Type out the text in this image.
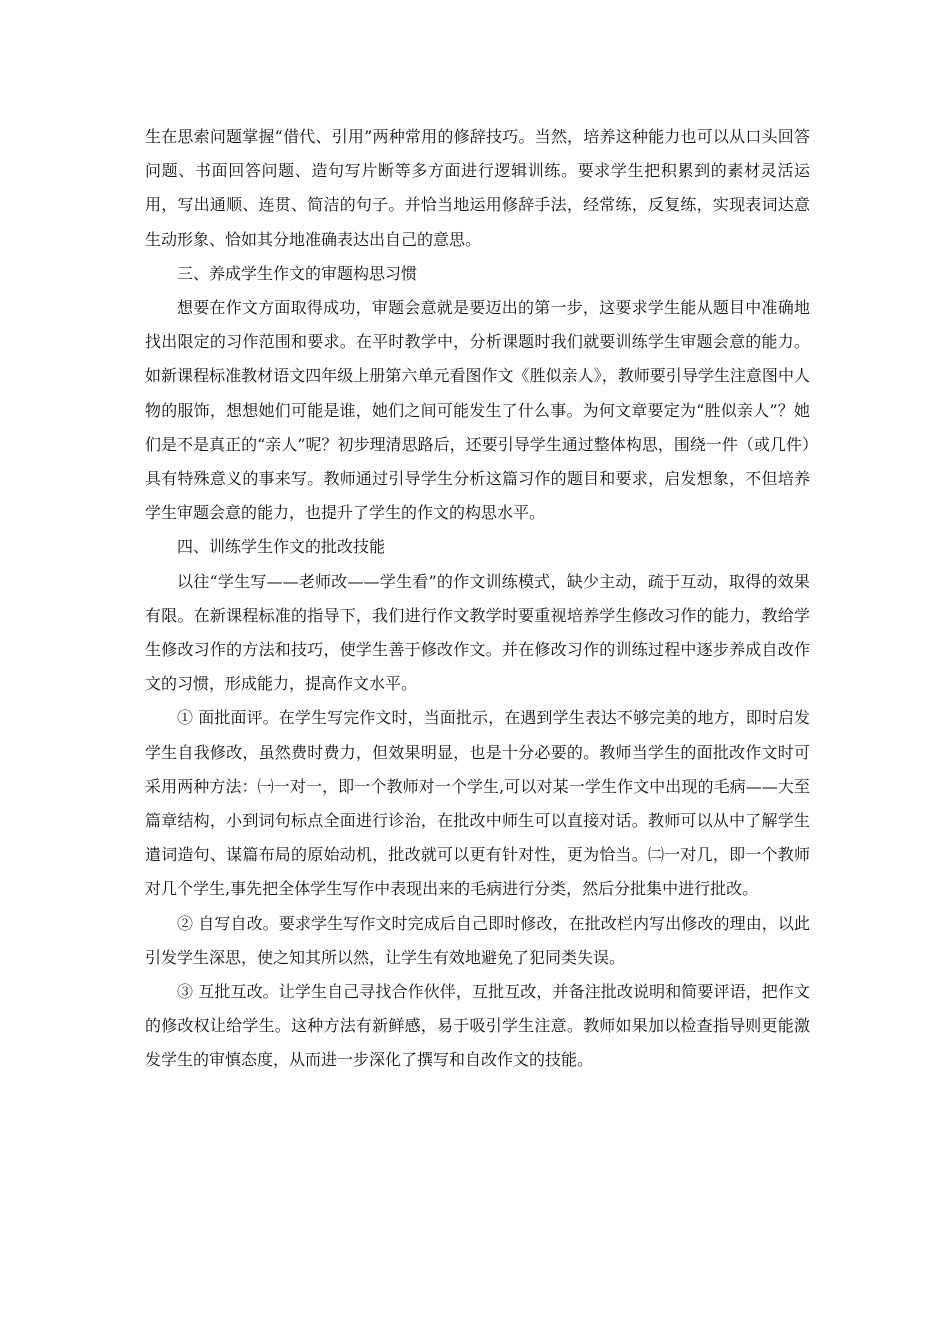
生在思索问题掌握“借代、引用”两种常用的修辞技巧。当然，培养这种能力也可以从口头回答问题、书面回答问题、造句写片断等多方面进行逻辑训练。要求学生把积累到的素材灵活运用，写出通顺、连贯、简洁的句子。并恰当地运用修辞手法，经常练，反复练，实现表词达意生动形象、恰如其分地准确表达出自己的意思。

三、养成学生作文的审题构思习惯

想要在作文方面取得成功，审题会意就是要迈出的第一步，这要求学生能从题目中准确地找出限定的习作范围和要求。在平时教学中，分析课题时我们就要训练学生审题会意的能力。如新课程标准教材语文四年级上册第六单元看图作文《胜似亲人》，教师要引导学生注意图中人物的服饰，想想她们可能是谁，她们之间可能发生了什么事。为何文章要定为“胜似亲人”？她们是不是真正的“亲人”呢？初步理清思路后，还要引导学生通过整体构思，围绕一件（或几件）具有特殊意义的事来写。教师通过引导学生分析这篇习作的题目和要求，启发想象，不但培养学生审题会意的能力，也提升了学生的作文的构思水平。

四、训练学生作文的批改技能

以往“学生写——老师改——学生看”的作文训练模式，缺少主动，疏于互动，取得的效果有限。在新课程标准的指导下，我们进行作文教学时要重视培养学生修改习作的能力，教给学生修改习作的方法和技巧，使学生善于修改作文。并在修改习作的训练过程中逐步养成自改作文的习惯，形成能力，提高作文水平。

① 面批面评。在学生写完作文时，当面批示，在遇到学生表达不够完美的地方，即时启发学生自我修改，虽然费时费力，但效果明显，也是十分必要的。教师当学生的面批改作文时可采用两种方法：㈠一对一，即一个教师对一个学生,可以对某一学生作文中出现的毛病——大至篇章结构，小到词句标点全面进行诊治，在批改中师生可以直接对话。教师可以从中了解学生遣词造句、谋篇布局的原始动机，批改就可以更有针对性，更为恰当。㈡一对几，即一个教师对几个学生,事先把全体学生写作中表现出来的毛病进行分类，然后分批集中进行批改。

② 自写自改。要求学生写作文时完成后自己即时修改，在批改栏内写出修改的理由，以此引发学生深思，使之知其所以然，让学生有效地避免了犯同类失误。

③ 互批互改。让学生自己寻找合作伙伴，互批互改，并备注批改说明和简要评语，把作文的修改权让给学生。这种方法有新鲜感，易于吸引学生注意。教师如果加以检查指导则更能激发学生的审慎态度，从而进一步深化了撰写和自改作文的技能。
